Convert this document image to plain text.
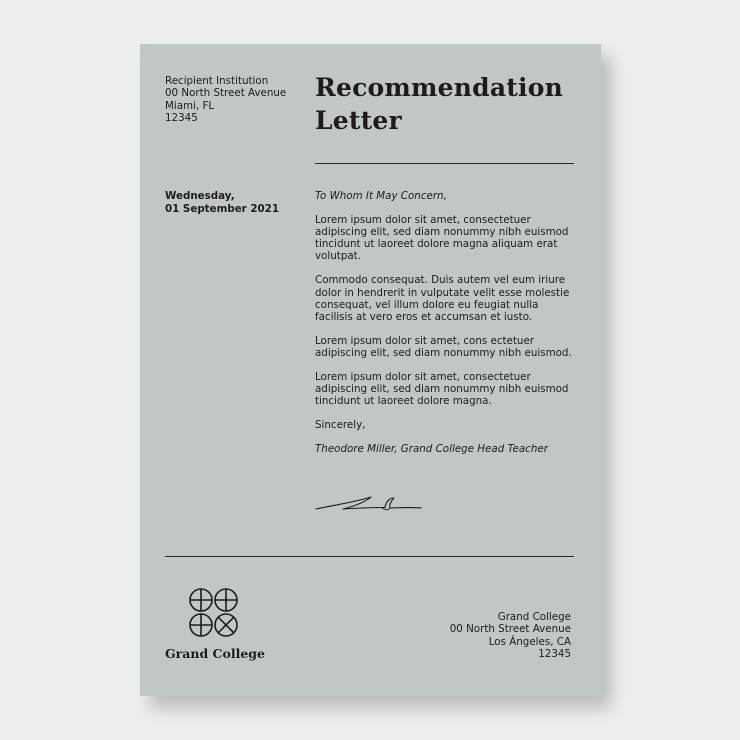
Recipient Institution
00 North Street Avenue
Miami, FL
12345
Recommendation
Letter
Wednesday,
01 September 2021

To Whom It May Concern,

Lorem ipsum dolor sit amet, consectetuer adipiscing elit, sed diam nonummy nibh euismod tincidunt ut laoreet dolore magna aliquam erat volutpat.

Commodo consequat. Duis autem vel eum iriure dolor in hendrerit in vulputate velit esse molestie consequat, vel illum dolore eu feugiat nulla facilisis at vero eros et accumsan et iusto.

Lorem ipsum dolor sit amet, cons ectetuer adipiscing elit, sed diam nonummy nibh euismod.

Lorem ipsum dolor sit amet, consectetuer adipiscing elit, sed diam nonummy nibh euismod tincidunt ut laoreet dolore magna.

Sincerely,

Theodore Miller, Grand College Head Teacher

Grand College
Grand College
00 North Street Avenue
Los Ángeles, CA
12345
